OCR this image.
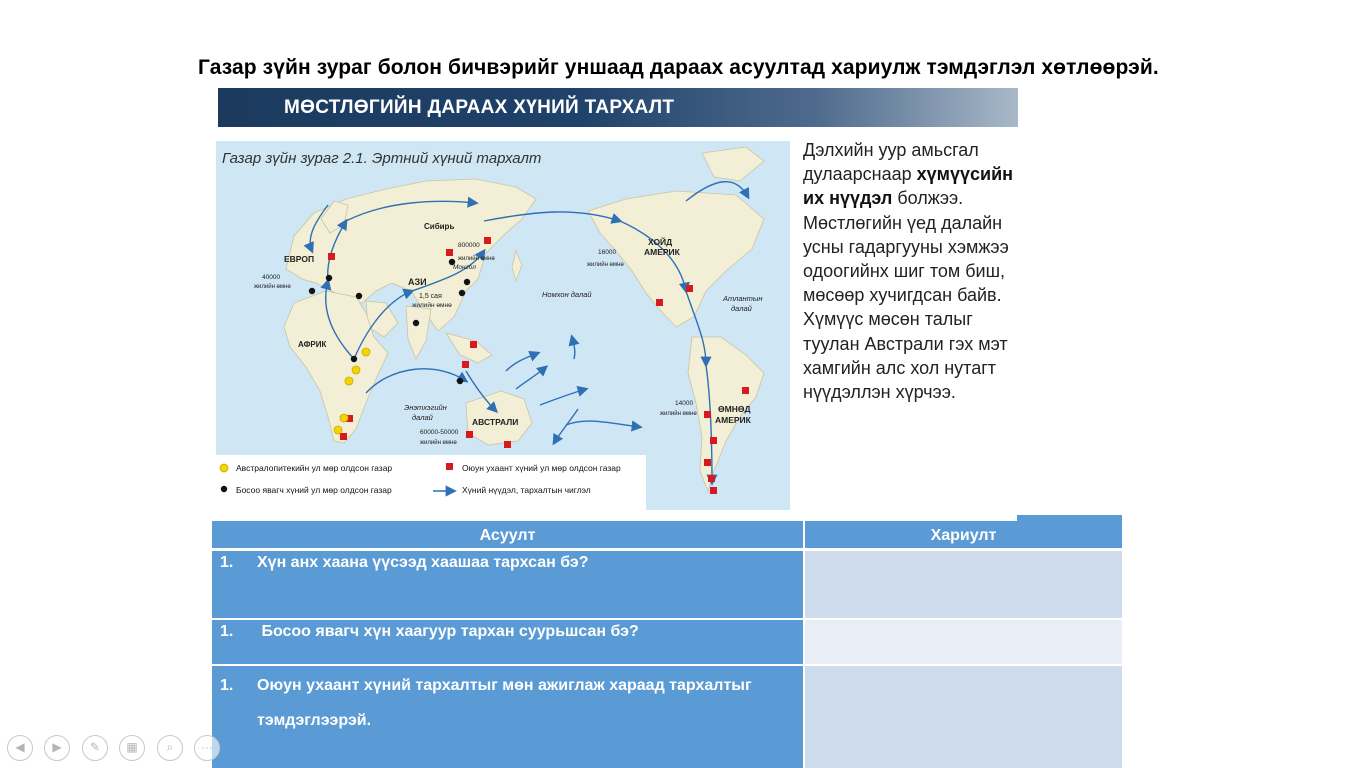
Газар зүйн зураг болон бичвэрийг уншаад дараах асуултад хариулж тэмдэглэл хөтлөөрэй.
МӨСТЛӨГИЙН ДАРААХ ХҮНИЙ ТАРХАЛТ
Газар зүйн зураг 2.1. Эртний хүний тархалт
Сибирь
ЕВРОП
АЗИ
1,5 сая
жилийн өмнө
АФРИК
ХОЙД
АМЕРИК
ӨМНӨД
АМЕРИК
АВСТРАЛИ
Номхон далай	Атлантын
далай
Энэтхэгийн
далай
Монгол
800000
жилийн өмнө
40000
жилийн өмнө
16000
жилийн өмнө
14000
жилийн өмнө
60000-50000
жилийн өмнө
Австралопитекийн ул мөр олдсон газар
Босоо явагч хүний ул мөр олдсон газар
Оюун ухаант хүний ул мөр олдсон газар
Хүний нүүдэл, тархалтын чиглэл
Дэлхийн уур амьсгал дулаарснаар хүмүүсийн их нүүдэл болжээ. Мөстлөгийн үед далайн усны гадаргууны хэмжээ одоогийнх шиг том биш, мөсөөр хучигдсан байв. Хүмүүс мөсөн талыг туулан Австрали гэх мэт хамгийн алс хол нутагт нүүдэллэн хүрчээ.
Асуулт	Хариулт
1. Хүн анх хаана үүсээд хаашаа тархсан бэ?
1. Босоо явагч хүн хаагуур тархан суурьшсан бэ?
1. Оюун ухаант хүний тархалтыг мөн ажиглаж хараад тархалтыг тэмдэглээрэй.
◀	▶	✎	▦	⌕	···
